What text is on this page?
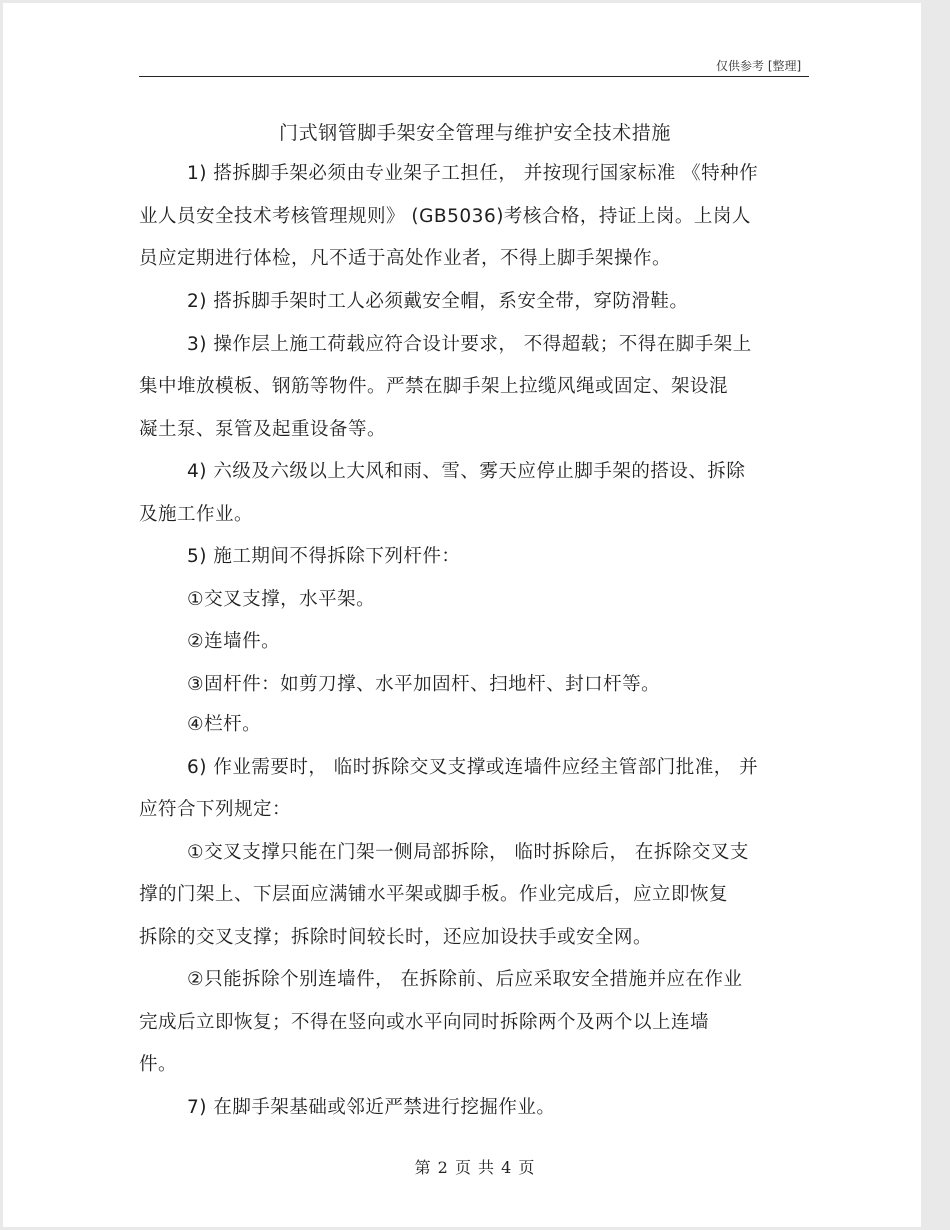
仅供参考 [整理]
门式钢管脚手架安全管理与维护安全技术措施
1) 搭拆脚手架必须由专业架子工担任， 并按现行国家标准 《特种作
业人员安全技术考核管理规则》 (GB5036)考核合格，持证上岗。上岗人
员应定期进行体检，凡不适于高处作业者，不得上脚手架操作。
2) 搭拆脚手架时工人必须戴安全帽，系安全带，穿防滑鞋。
3) 操作层上施工荷载应符合设计要求， 不得超载；不得在脚手架上
集中堆放模板、钢筋等物件。严禁在脚手架上拉缆风绳或固定、架设混
凝土泵、泵管及起重设备等。
4) 六级及六级以上大风和雨、雪、雾天应停止脚手架的搭设、拆除
及施工作业。
5) 施工期间不得拆除下列杆件：
①交叉支撑，水平架。
②连墙件。
③固杆件：如剪刀撑、水平加固杆、扫地杆、封口杆等。
④栏杆。
6) 作业需要时， 临时拆除交叉支撑或连墙件应经主管部门批准， 并
应符合下列规定：
①交叉支撑只能在门架一侧局部拆除， 临时拆除后， 在拆除交叉支
撑的门架上、下层面应满铺水平架或脚手板。作业完成后，应立即恢复
拆除的交叉支撑；拆除时间较长时，还应加设扶手或安全网。
②只能拆除个别连墙件， 在拆除前、后应采取安全措施并应在作业
完成后立即恢复；不得在竖向或水平向同时拆除两个及两个以上连墙
件。
7) 在脚手架基础或邻近严禁进行挖掘作业。
第 2 页 共 4 页
